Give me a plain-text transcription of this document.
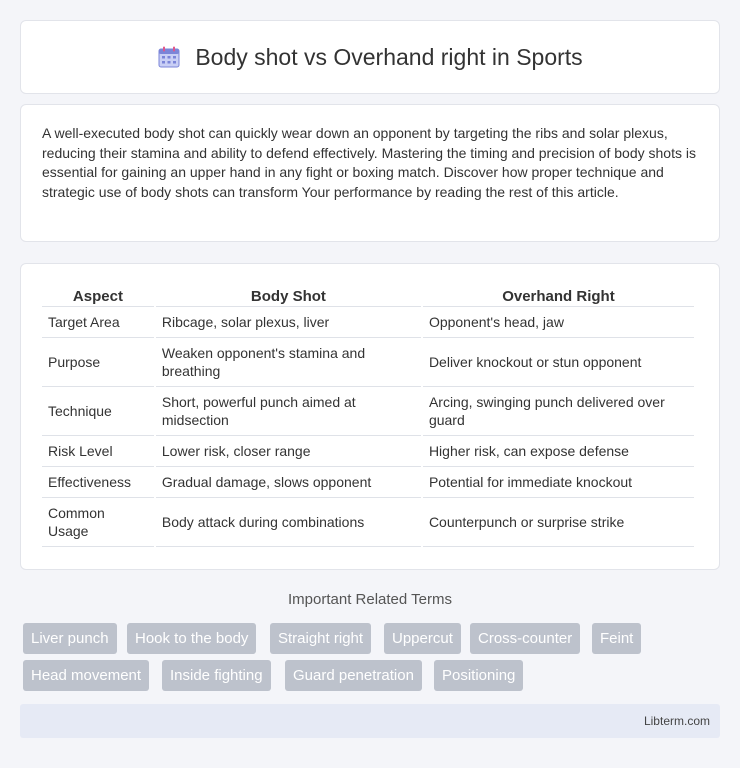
Body shot vs Overhand right in Sports

A well-executed body shot can quickly wear down an opponent by targeting the ribs and solar plexus, reducing their stamina and ability to defend effectively. Mastering the timing and precision of body shots is essential for gaining an upper hand in any fight or boxing match. Discover how proper technique and strategic use of body shots can transform Your performance by reading the rest of this article.

Aspect	Body Shot	Overhand Right
Target Area	Ribcage, solar plexus, liver	Opponent's head, jaw
Purpose	Weaken opponent's stamina and breathing	Deliver knockout or stun opponent
Technique	Short, powerful punch aimed at midsection	Arcing, swinging punch delivered over guard
Risk Level	Lower risk, closer range	Higher risk, can expose defense
Effectiveness	Gradual damage, slows opponent	Potential for immediate knockout
Common Usage	Body attack during combinations	Counterpunch or surprise strike
Important Related Terms
Liver punch	Hook to the body	Straight right	Uppercut	Cross-counter	Feint
Head movement	Inside fighting	Guard penetration	Positioning
Libterm.com
